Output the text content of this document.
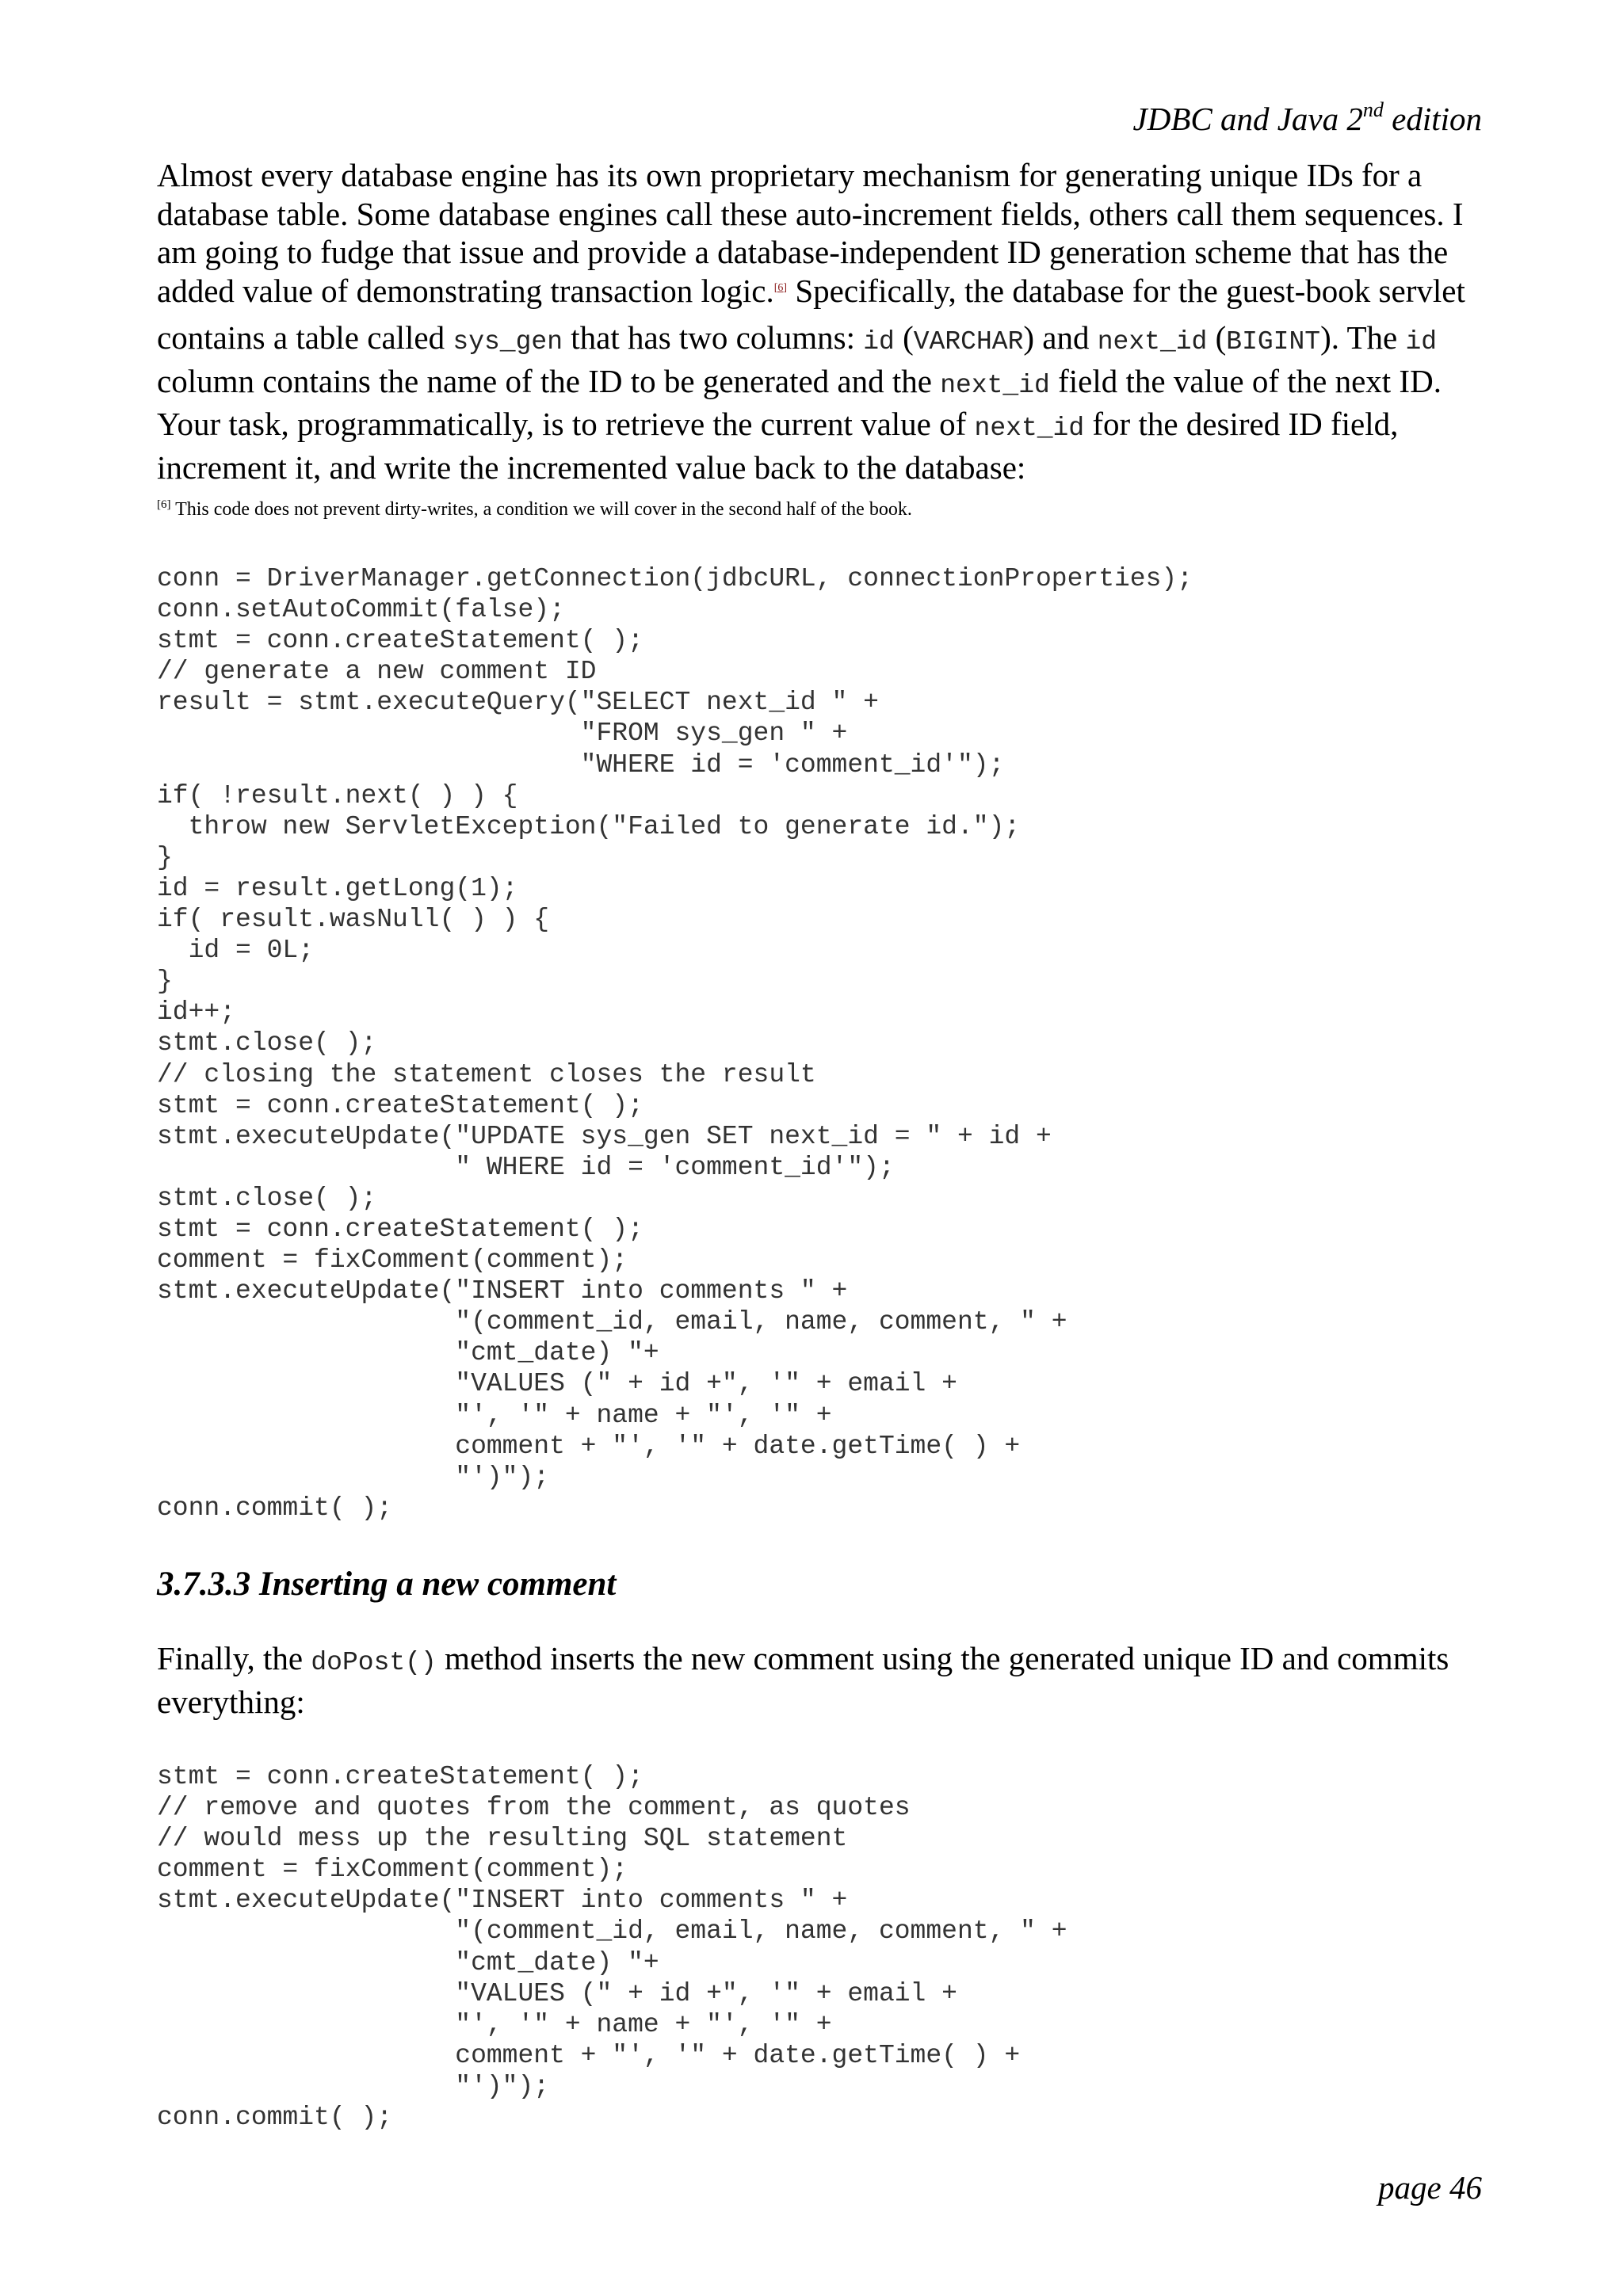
JDBC and Java 2nd edition

Almost every database engine has its own proprietary mechanism for generating unique IDs for a database table. Some database engines call these auto-increment fields, others call them sequences. I am going to fudge that issue and provide a database-independent ID generation scheme that has the added value of demonstrating transaction logic.[6] Specifically, the database for the guest-book servlet contains a table called sys_gen that has two columns: id (VARCHAR) and next_id (BIGINT). The id column contains the name of the ID to be generated and the next_id field the value of the next ID. Your task, programmatically, is to retrieve the current value of next_id for the desired ID field, increment it, and write the incremented value back to the database:

[6] This code does not prevent dirty-writes, a condition we will cover in the second half of the book.
conn = DriverManager.getConnection(jdbcURL, connectionProperties);
conn.setAutoCommit(false);
stmt = conn.createStatement( );
// generate a new comment ID
result = stmt.executeQuery("SELECT next_id " +
"FROM sys_gen " +
"WHERE id = 'comment_id'");
if( !result.next( ) ) {
throw new ServletException("Failed to generate id.");
}
id = result.getLong(1);
if( result.wasNull( ) ) {
id = 0L;
}
id++;
stmt.close( );
// closing the statement closes the result
stmt = conn.createStatement( );
stmt.executeUpdate("UPDATE sys_gen SET next_id = " + id +
" WHERE id = 'comment_id'");
stmt.close( );
stmt = conn.createStatement( );
comment = fixComment(comment);
stmt.executeUpdate("INSERT into comments " +
"(comment_id, email, name, comment, " +
"cmt_date) "+
"VALUES (" + id +", '" + email +
"', '" + name + "', '" +
comment + "', '" + date.getTime( ) +
"')");
conn.commit( );
3.7.3.3 Inserting a new comment

Finally, the doPost() method inserts the new comment using the generated unique ID and commits everything:

stmt = conn.createStatement( );
// remove and quotes from the comment, as quotes
// would mess up the resulting SQL statement
comment = fixComment(comment);
stmt.executeUpdate("INSERT into comments " +
"(comment_id, email, name, comment, " +
"cmt_date) "+
"VALUES (" + id +", '" + email +
"', '" + name + "', '" +
comment + "', '" + date.getTime( ) +
"')");
conn.commit( );
page 46
